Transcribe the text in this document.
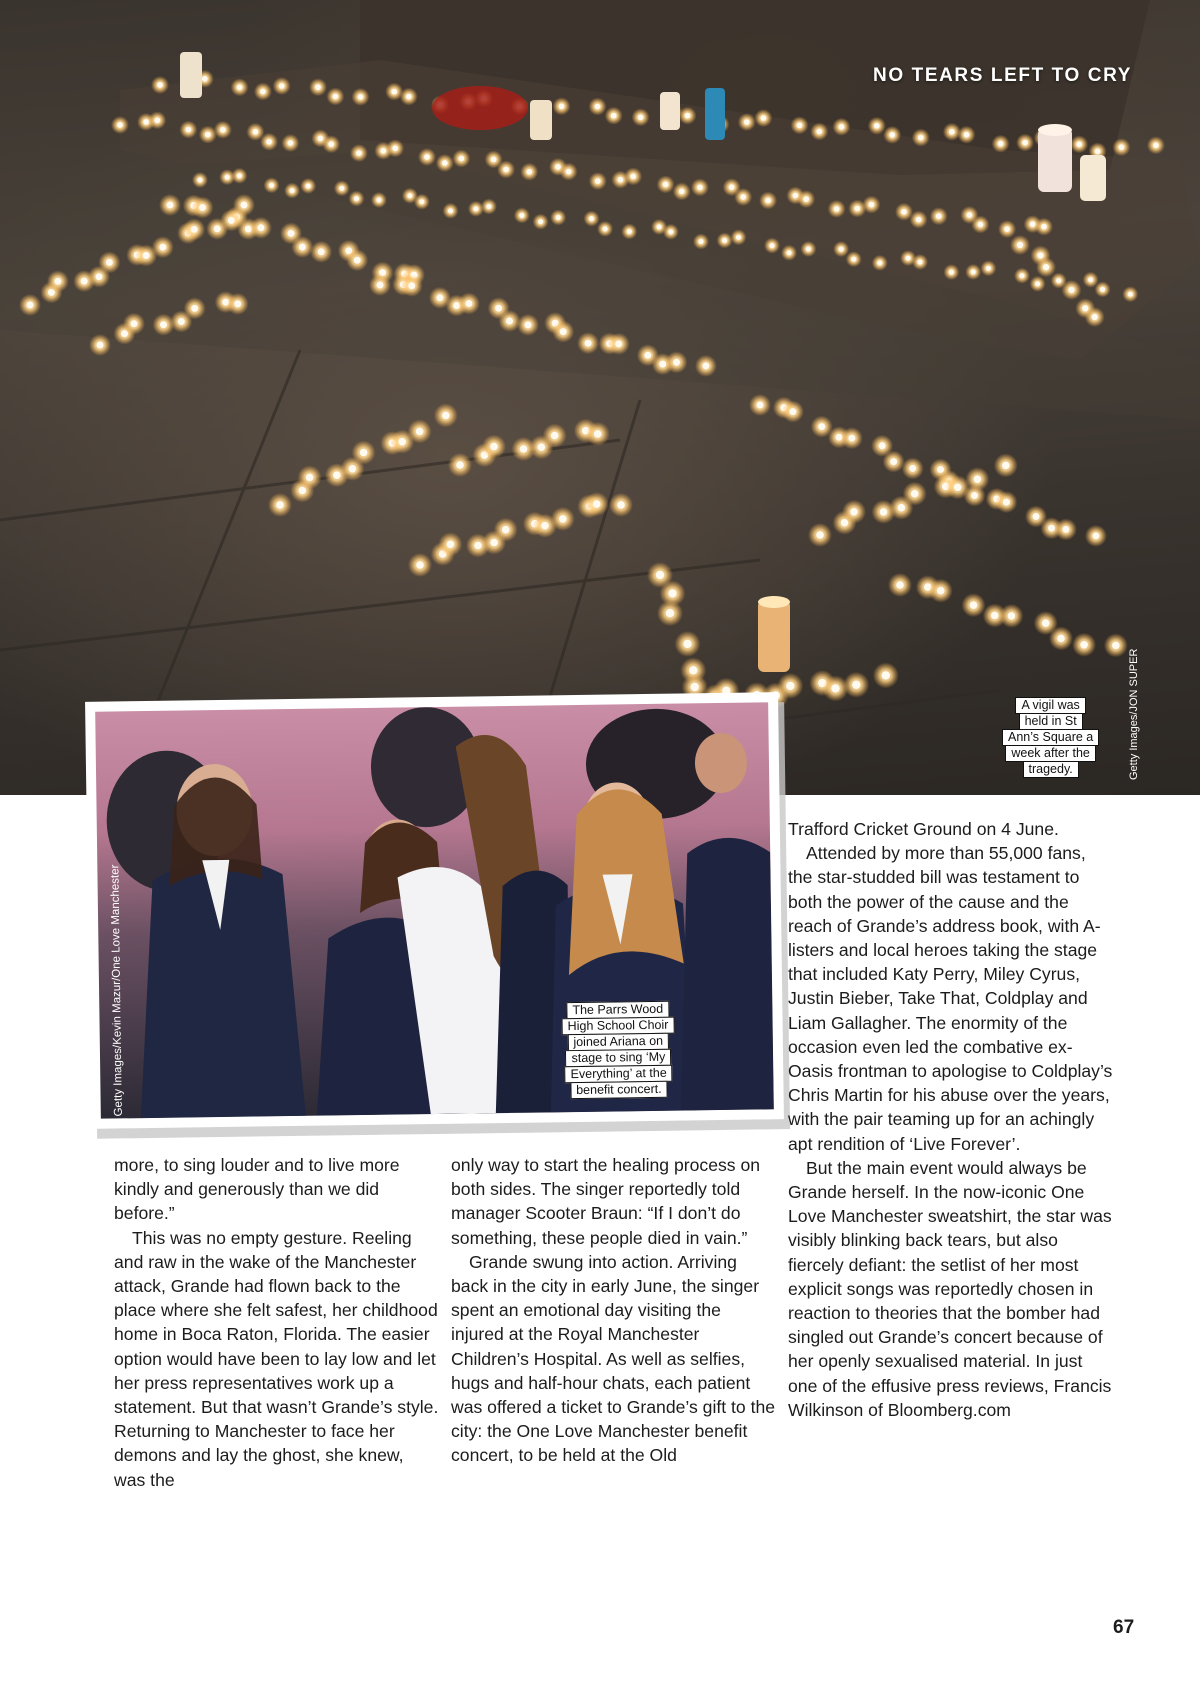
NO TEARS LEFT TO CRY
Getty Images/JON SUPER
A vigil was
held in St
Ann’s Square a
week after the
tragedy.
Getty Images/Kevin Mazur/One Love Manchester	The Parrs Wood
High School Choir
joined Ariana on
stage to sing ‘My
Everything’ at the
benefit concert.

more, to sing louder and to live more kindly and generously than we did before.”

This was no empty gesture. Reeling and raw in the wake of the Manchester attack, Grande had flown back to the place where she felt safest, her childhood home in Boca Raton, Florida. The easier option would have been to lay low and let her press representatives work up a statement. But that wasn’t Grande’s style. Returning to Manchester to face her demons and lay the ghost, she knew, was the

only way to start the healing process on both sides. The singer reportedly told manager Scooter Braun: “If I don’t do something, these people died in vain.”

Grande swung into action. Arriving back in the city in early June, the singer spent an emotional day visiting the injured at the Royal Manchester Children’s Hospital. As well as selfies, hugs and half-hour chats, each patient was offered a ticket to Grande’s gift to the city: the One Love Manchester benefit concert, to be held at the Old

Trafford Cricket Ground on 4 June.

Attended by more than 55,000 fans, the star-studded bill was testament to both the power of the cause and the reach of Grande’s address book, with A-listers and local heroes taking the stage that included Katy Perry, Miley Cyrus, Justin Bieber, Take That, Coldplay and Liam Gallagher. The enormity of the occasion even led the combative ex-Oasis frontman to apologise to Coldplay’s Chris Martin for his abuse over the years, with the pair teaming up for an achingly apt rendition of ‘Live Forever’.

But the main event would always be Grande herself. In the now-iconic One Love Manchester sweatshirt, the star was visibly blinking back tears, but also fiercely defiant: the setlist of her most explicit songs was reportedly chosen in reaction to theories that the bomber had singled out Grande’s concert because of her openly sexualised material. In just one of the effusive press reviews, Francis Wilkinson of Bloomberg.com

67
